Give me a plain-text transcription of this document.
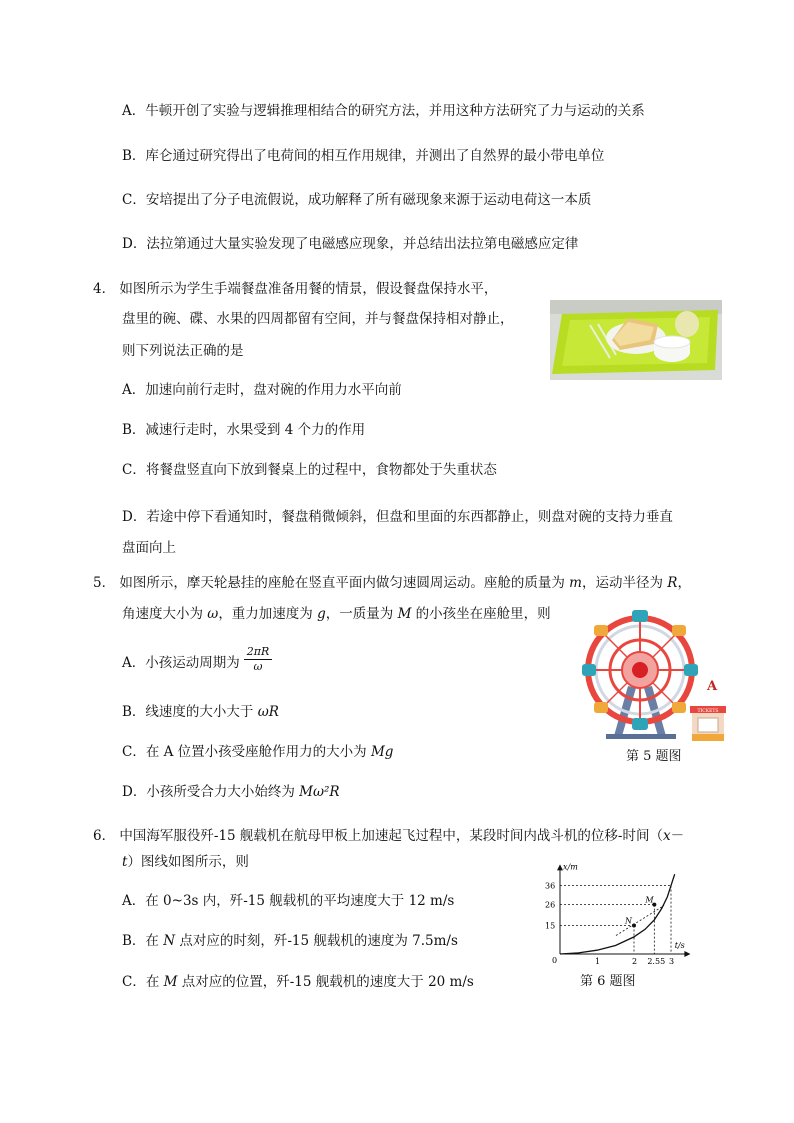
A．牛顿开创了实验与逻辑推理相结合的研究方法，并用这种方法研究了力与运动的关系
B．库仑通过研究得出了电荷间的相互作用规律，并测出了自然界的最小带电单位
C．安培提出了分子电流假说，成功解释了所有磁现象来源于运动电荷这一本质
D．法拉第通过大量实验发现了电磁感应现象，并总结出法拉第电磁感应定律
4． 如图所示为学生手端餐盘准备用餐的情景，假设餐盘保持水平，
盘里的碗、碟、水果的四周都留有空间，并与餐盘保持相对静止，
则下列说法正确的是
A．加速向前行走时，盘对碗的作用力水平向前
B．减速行走时，水果受到 4 个力的作用
C．将餐盘竖直向下放到餐桌上的过程中，食物都处于失重状态
D．若途中停下看通知时，餐盘稍微倾斜，但盘和里面的东西都静止，则盘对碗的支持力垂直
盘面向上
5． 如图所示，摩天轮悬挂的座舱在竖直平面内做匀速圆周运动。座舱的质量为 m，运动半径为 R，
角速度大小为 ω，重力加速度为 g，一质量为 M 的小孩坐在座舱里，则
A．小孩运动周期为 $\frac{2\pi R}{\omega}$
B．线速度的大小大于 ωR
C．在 A 位置小孩受座舱作用力的大小为 Mg
D．小孩所受合力大小始终为 Mω²R
A
TICKETS
第 5 题图
6． 中国海军服役歼-15 舰载机在航母甲板上加速起飞过程中，某段时间内战斗机的位移-时间（x－
t）图线如图所示，则
A．在 0~3s 内，歼-15 舰载机的平均速度大于 12 m/s
B．在 N 点对应的时刻，歼-15 舰载机的速度为 7.5m/s
C．在 M 点对应的位置，歼-15 舰载机的速度大于 20 m/s
x/m
t/s
0	1	2 2.55 3
15
26
36
N
M
第 6 题图
